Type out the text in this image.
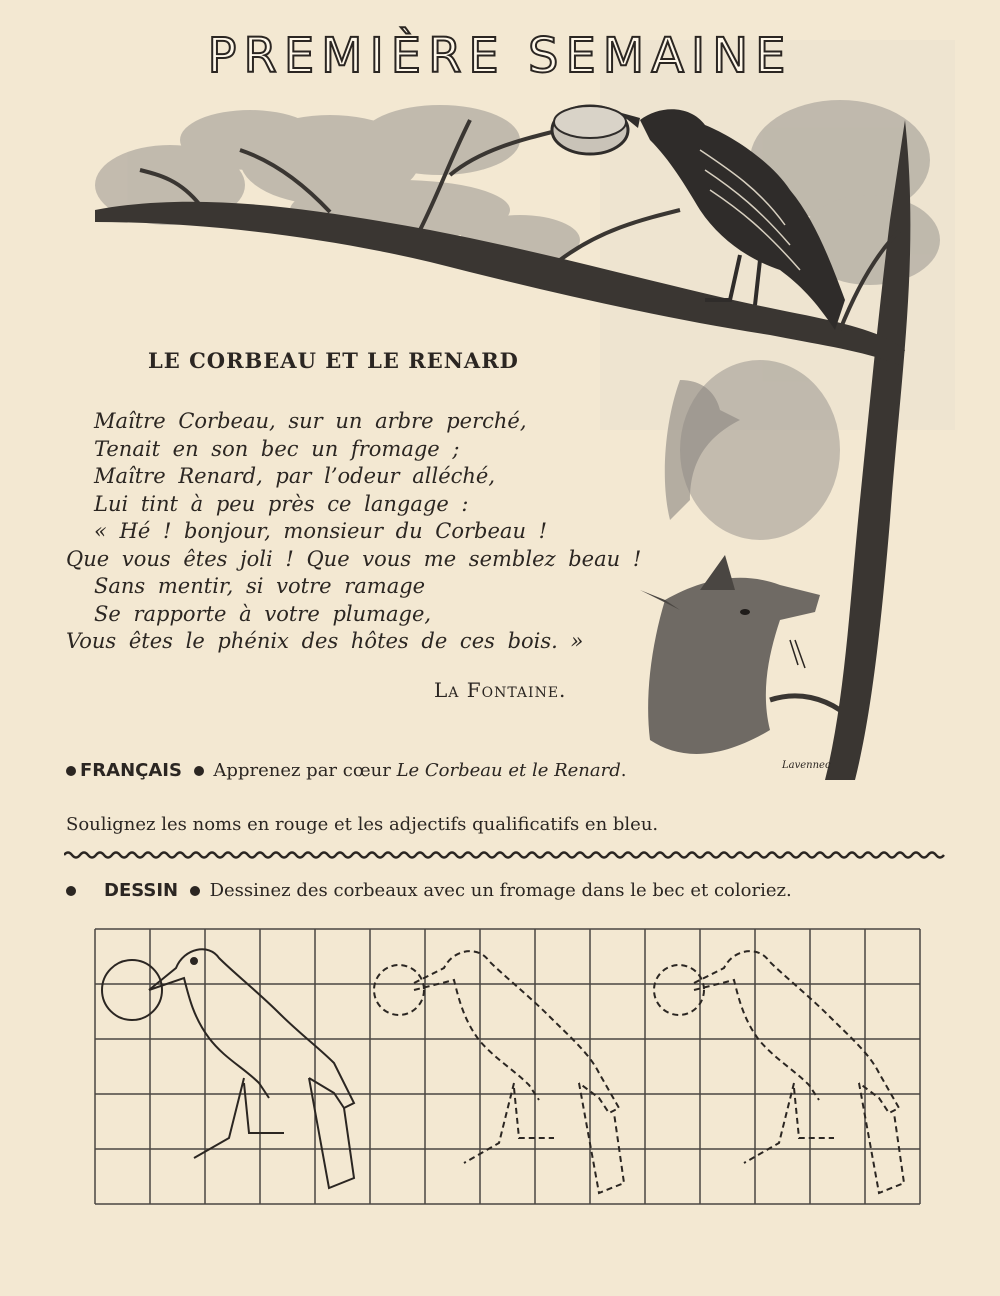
PREMIÈRE SEMAINE
Lavennec
LE CORBEAU ET LE RENARD
Maître Corbeau, sur un arbre perché,
Tenait en son bec un fromage ;
Maître Renard, par l’odeur alléché,
Lui tint à peu près ce langage :
« Hé ! bonjour, monsieur du Corbeau !
Que vous êtes joli ! Que vous me semblez beau !
Sans mentir, si votre ramage
Se rapporte à votre plumage,
Vous êtes le phénix des hôtes de ces bois. »
La Fontaine.
FRANÇAIS Apprenez par cœur Le Corbeau et le Renard.
Soulignez les noms en rouge et les adjectifs qualificatifs en bleu.
DESSIN Dessinez des corbeaux avec un fromage dans le bec et coloriez.
